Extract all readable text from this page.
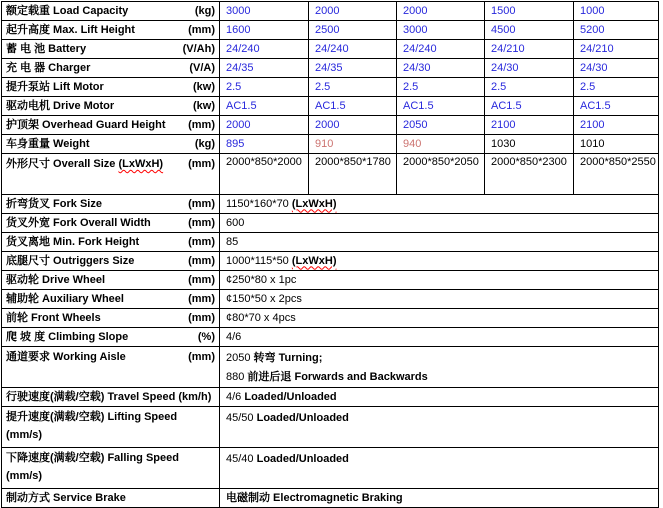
额定载重 Load Capacity (kg)	3000	2000	2000	1500	1000

起升高度 Max. Lift Height (mm)	1600	2500	3000	4500	5200

蓄 电 池 Battery (V/Ah)	24/240	24/240	24/240	24/210	24/210

充 电 器 Charger (V/A)	24/35	24/35	24/30	24/30	24/30

提升泵站 Lift Motor (kw)	2.5	2.5	2.5	2.5	2.5

驱动电机 Drive Motor (kw)	AC1.5	AC1.5	AC1.5	AC1.5	AC1.5

护顶架 Overhead Guard Height (mm)	2000	2000	2050	2100	2100

车身重量 Weight (kg)	895	910	940	1030	1010

外形尺寸 Overall Size (LxWxH) (mm)	2000*850*2000	2000*850*1780	2000*850*2050	2000*850*2300	2000*850*2550

折弯货叉 Fork Size (mm)	1150*160*70 (LxWxH)				

货叉外宽 Fork Overall Width (mm)	600				

货叉离地 Min. Fork Height (mm)	85				

底腿尺寸 Outriggers Size (mm)	1000*115*50 (LxWxH)				

驱动轮 Drive Wheel (mm)	¢250*80 x 1pc				

辅助轮 Auxiliary Wheel (mm)	¢150*50 x 2pcs				

前轮 Front Wheels (mm)	¢80*70 x 4pcs				

爬 坡 度 Climbing Slope (%)	4/6				

通道要求 Working Aisle	(mm)	2050 转弯 Turning;
880 前进后退 Forwards and Backwards

行驶速度(满载/空载) Travel Speed (km/h)	4/6 Loaded/Unloaded				

提升速度(满载/空载) Lifting Speed
(mm/s)	45/50 Loaded/Unloaded				

下降速度(满载/空载) Falling Speed
(mm/s)	45/40 Loaded/Unloaded				

制动方式 Service Brake	电磁制动 Electromagnetic Braking				
